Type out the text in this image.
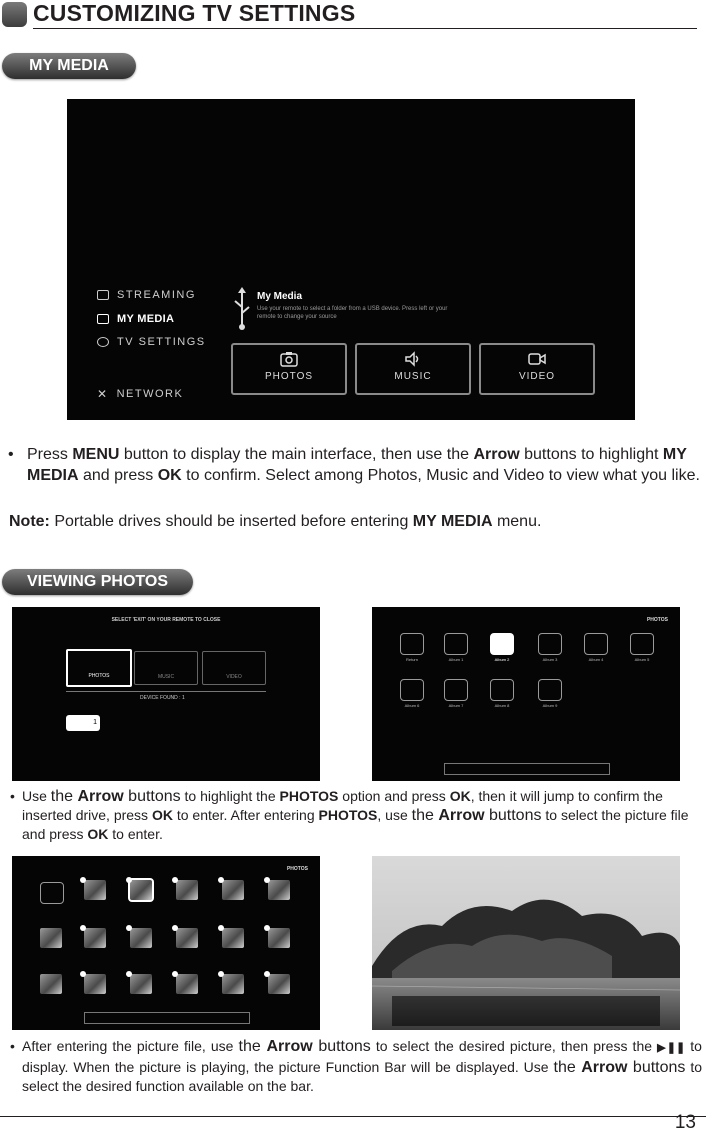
CUSTOMIZING TV SETTINGS
MY MEDIA
STREAMING
MY MEDIA
TV SETTINGS
✕ NETWORK
My Media
Use your remote to select a folder from a USB device. Press left or your remote to change your source
PHOTOS	MUSIC	VIDEO
• Press MENU button to display the main interface, then use the Arrow buttons to highlight MY MEDIA and press OK to confirm. Select among Photos, Music and Video to view what you like.
Note: Portable drives should be inserted before entering MY MEDIA menu.
VIEWING PHOTOS
SELECT 'EXIT' ON YOUR REMOTE TO CLOSE
PHOTOS	MUSIC	VIDEO
DEVICE FOUND : 1
1
PHOTOS
Return	Album 1	Album 2	Album 3	Album 4	Album 5
Album 6	Album 7	Album 8	Album 9
• Use the Arrow buttons to highlight the PHOTOS option and press OK, then it will jump to confirm the inserted drive, press OK to enter. After entering PHOTOS, use the Arrow buttons to select the picture file and press OK to enter.
PHOTOS
• After entering the picture file, use the Arrow buttons to select the desired picture, then press the ▶❚❚ to display. When the picture is playing, the picture Function Bar will be displayed. Use the Arrow buttons to select the desired function available on the bar.
13
